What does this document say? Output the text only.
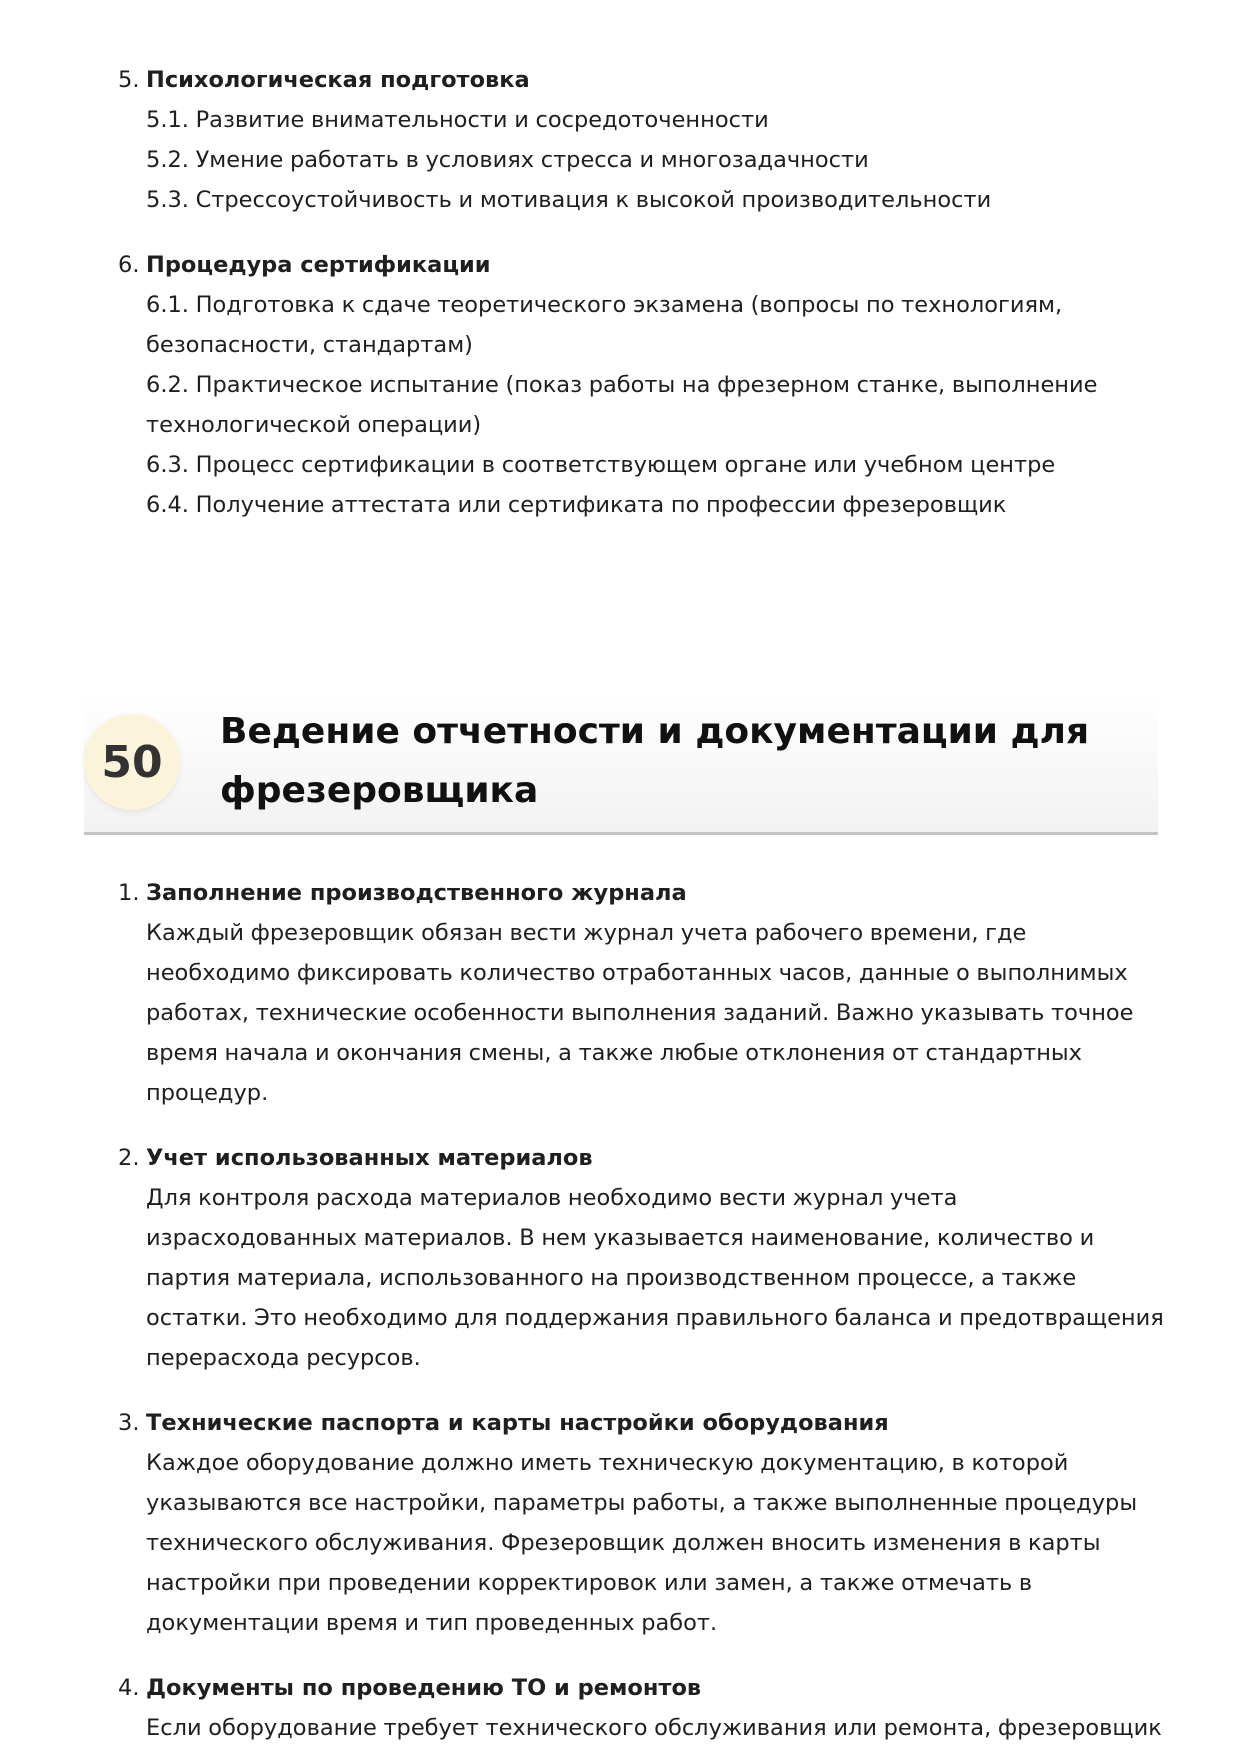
5. Психологическая подготовка
5.1. Развитие внимательности и сосредоточенности
5.2. Умение работать в условиях стресса и многозадачности
5.3. Стрессоустойчивость и мотивация к высокой производительности
6. Процедура сертификации
6.1. Подготовка к сдаче теоретического экзамена (вопросы по технологиям, безопасности, стандартам)
6.2. Практическое испытание (показ работы на фрезерном станке, выполнение технологической операции)
6.3. Процесс сертификации в соответствующем органе или учебном центре
6.4. Получение аттестата или сертификата по профессии фрезеровщик
50
Ведение отчетности и документации для фрезеровщика
1. Заполнение производственного журнала
Каждый фрезеровщик обязан вести журнал учета рабочего времени, где необходимо фиксировать количество отработанных часов, данные о выполнимых работах, технические особенности выполнения заданий. Важно указывать точное время начала и окончания смены, а также любые отклонения от стандартных процедур.
2. Учет использованных материалов
Для контроля расхода материалов необходимо вести журнал учета израсходованных материалов. В нем указывается наименование, количество и партия материала, использованного на производственном процессе, а также остатки. Это необходимо для поддержания правильного баланса и предотвращения перерасхода ресурсов.
3. Технические паспорта и карты настройки оборудования
Каждое оборудование должно иметь техническую документацию, в которой указываются все настройки, параметры работы, а также выполненные процедуры технического обслуживания. Фрезеровщик должен вносить изменения в карты настройки при проведении корректировок или замен, а также отмечать в документации время и тип проведенных работ.
4. Документы по проведению ТО и ремонтов
Если оборудование требует технического обслуживания или ремонта, фрезеровщик
